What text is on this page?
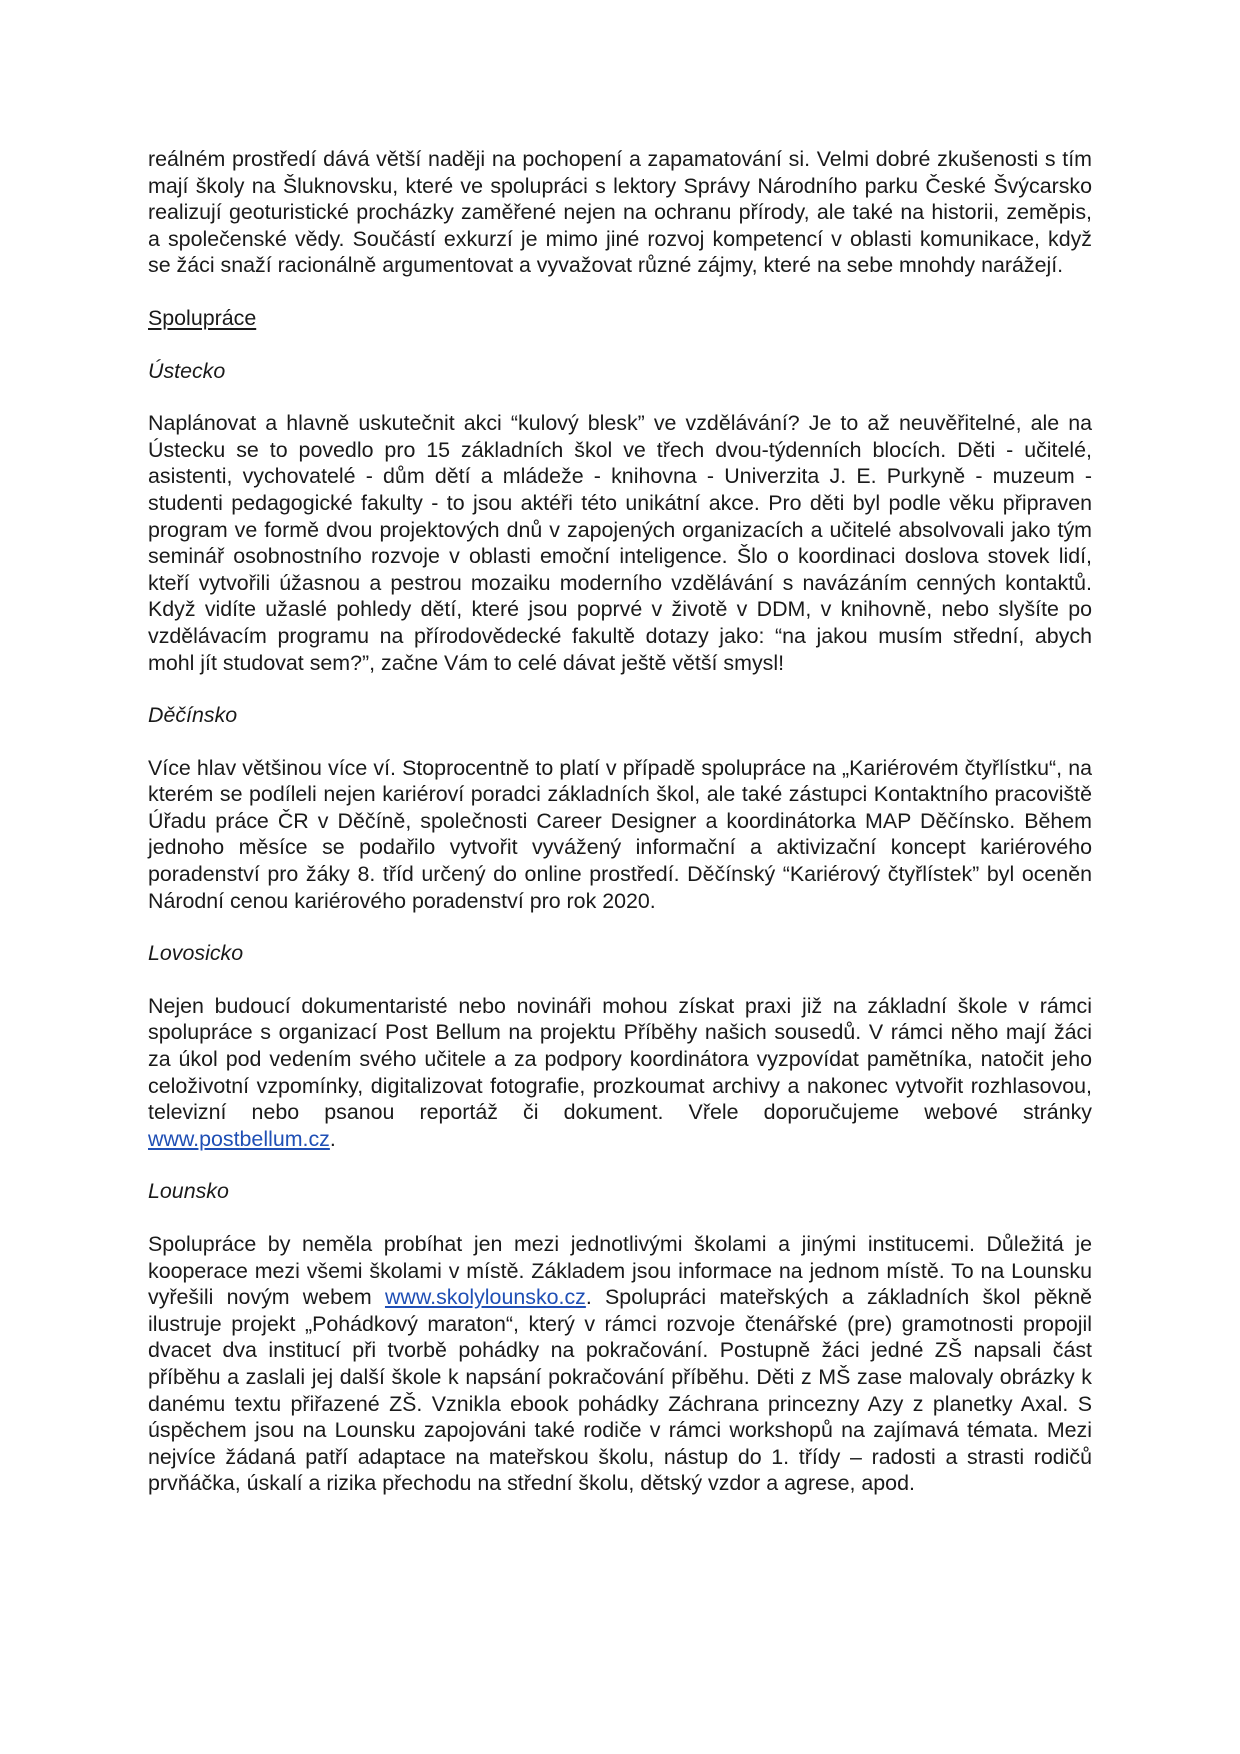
reálném prostředí dává větší naději na pochopení a zapamatování si. Velmi dobré zkušenosti s tím mají školy na Šluknovsku, které ve spolupráci s lektory Správy Národního parku České Švýcarsko realizují geoturistické procházky zaměřené nejen na ochranu přírody, ale také na historii, zeměpis, a společenské vědy. Součástí exkurzí je mimo jiné rozvoj kompetencí v oblasti komunikace, když se žáci snaží racionálně argumentovat a vyvažovat různé zájmy, které na sebe mnohdy narážejí.

Spolupráce

Ústecko

Naplánovat a hlavně uskutečnit akci “kulový blesk” ve vzdělávání? Je to až neuvěřitelné, ale na Ústecku se to povedlo pro 15 základních škol ve třech dvou-týdenních blocích. Děti - učitelé, asistenti, vychovatelé - dům dětí a mládeže - knihovna - Univerzita J. E. Purkyně - muzeum - studenti pedagogické fakulty - to jsou aktéři této unikátní akce. Pro děti byl podle věku připraven program ve formě dvou projektových dnů v zapojených organizacích a učitelé absolvovali jako tým seminář osobnostního rozvoje v oblasti emoční inteligence. Šlo o koordinaci doslova stovek lidí, kteří vytvořili úžasnou a pestrou mozaiku moderního vzdělávání s navázáním cenných kontaktů. Když vidíte užaslé pohledy dětí, které jsou poprvé v životě v DDM, v knihovně, nebo slyšíte po vzdělávacím programu na přírodovědecké fakultě dotazy jako: “na jakou musím střední, abych mohl jít studovat sem?”, začne Vám to celé dávat ještě větší smysl!

Děčínsko

Více hlav většinou více ví. Stoprocentně to platí v případě spolupráce na „Kariérovém čtyřlístku“, na kterém se podíleli nejen kariéroví poradci základních škol, ale také zástupci Kontaktního pracoviště Úřadu práce ČR v Děčíně, společnosti Career Designer a koordinátorka MAP Děčínsko. Během jednoho měsíce se podařilo vytvořit vyvážený informační a aktivizační koncept kariérového poradenství pro žáky 8. tříd určený do online prostředí. Děčínský “Kariérový čtyřlístek” byl oceněn Národní cenou kariérového poradenství pro rok 2020.

Lovosicko

Nejen budoucí dokumentaristé nebo novináři mohou získat praxi již na základní škole v rámci spolupráce s organizací Post Bellum na projektu Příběhy našich sousedů. V rámci něho mají žáci za úkol pod vedením svého učitele a za podpory koordinátora vyzpovídat pamětníka, natočit jeho celoživotní vzpomínky, digitalizovat fotografie, prozkoumat archivy a nakonec vytvořit rozhlasovou, televizní nebo psanou reportáž či dokument. Vřele doporučujeme webové stránky www.postbellum.cz.

Lounsko

Spolupráce by neměla probíhat jen mezi jednotlivými školami a jinými institucemi. Důležitá je kooperace mezi všemi školami v místě. Základem jsou informace na jednom místě. To na Lounsku vyřešili novým webem www.skolylounsko.cz. Spolupráci mateřských a základních škol pěkně ilustruje projekt „Pohádkový maraton“, který v rámci rozvoje čtenářské (pre) gramotnosti propojil dvacet dva institucí při tvorbě pohádky na pokračování. Postupně žáci jedné ZŠ napsali část příběhu a zaslali jej další škole k napsání pokračování příběhu. Děti z MŠ zase malovaly obrázky k danému textu přiřazené ZŠ. Vznikla ebook pohádky Záchrana princezny Azy z planetky Axal. S úspěchem jsou na Lounsku zapojováni také rodiče v rámci workshopů na zajímavá témata. Mezi nejvíce žádaná patří adaptace na mateřskou školu, nástup do 1. třídy – radosti a strasti rodičů prvňáčka, úskalí a rizika přechodu na střední školu, dětský vzdor a agrese, apod.
